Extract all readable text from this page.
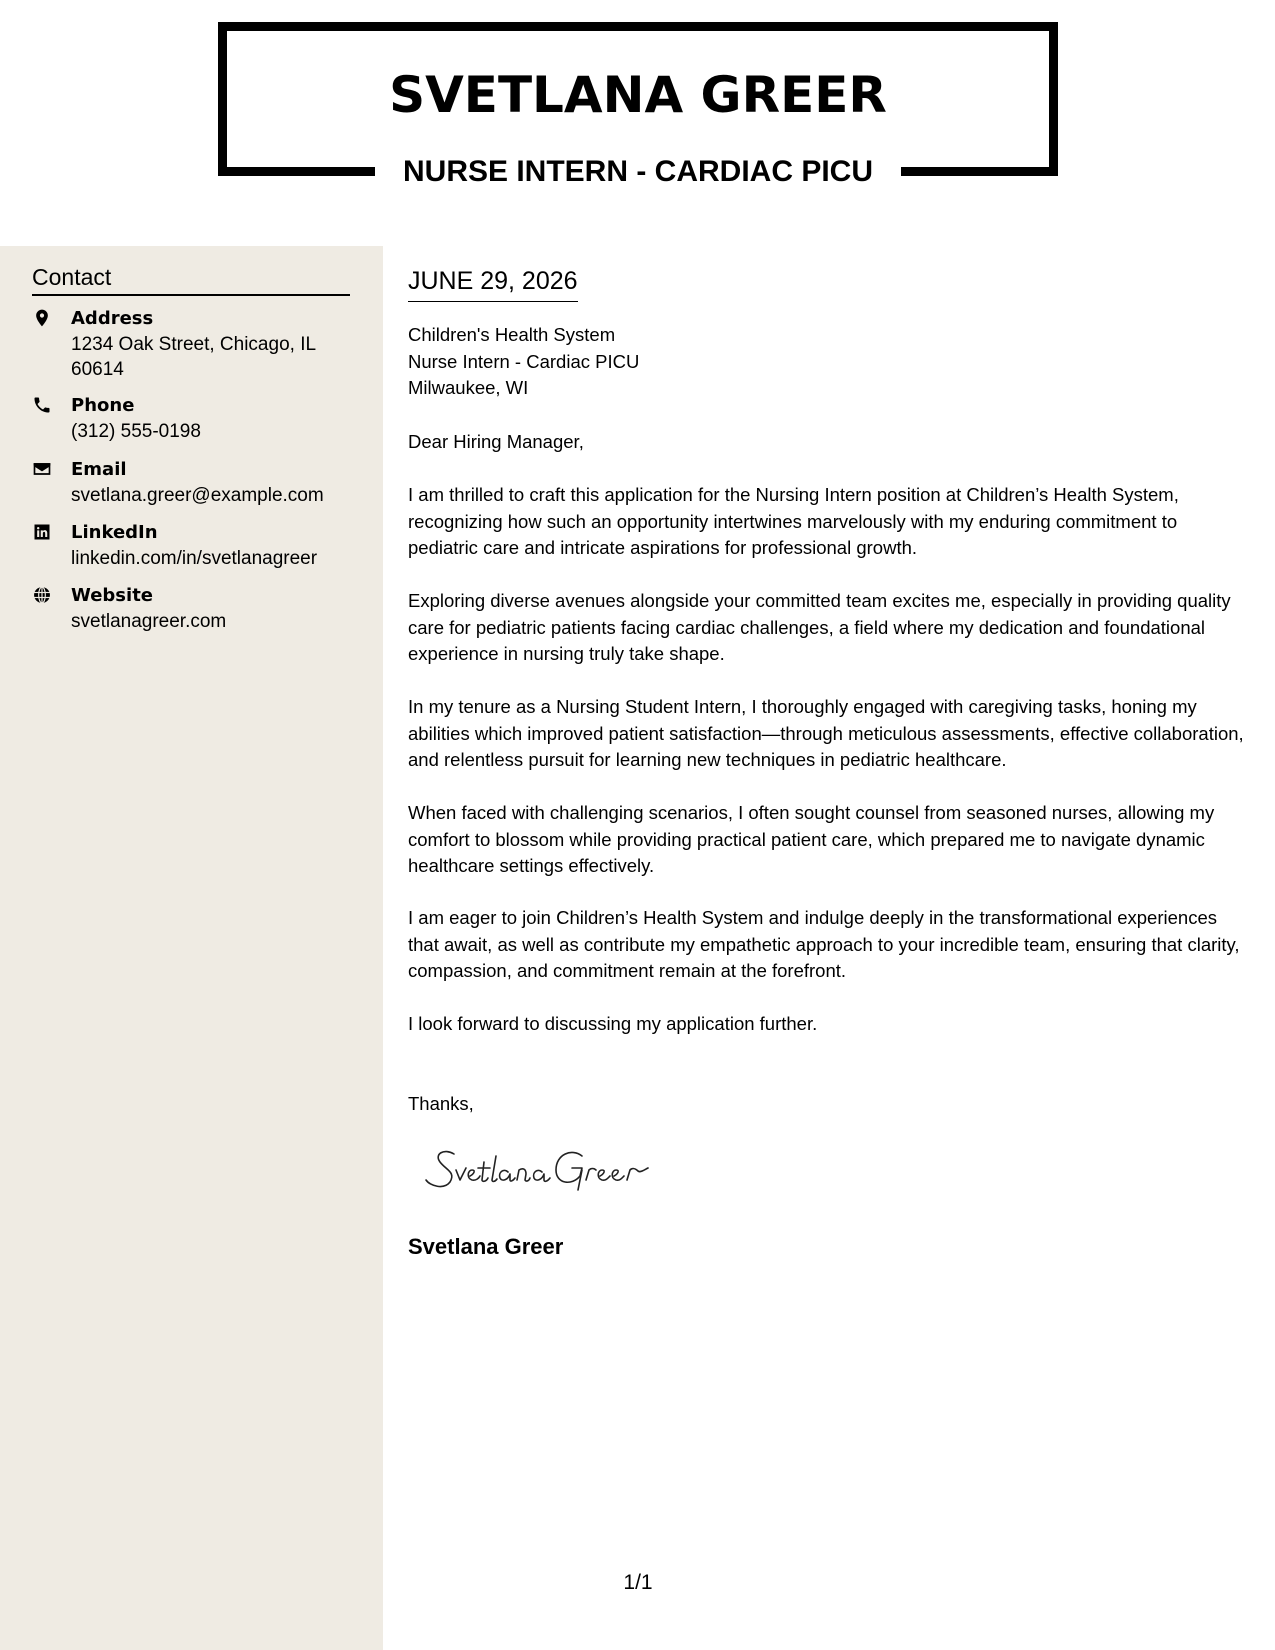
SVETLANA GREER
NURSE INTERN - CARDIAC PICU
Contact
Address
1234 Oak Street, Chicago, IL 60614
Phone
(312) 555-0198
Email
svetlana.greer@example.com
LinkedIn
linkedin.com/in/svetlanagreer
Website
svetlanagreer.com
JUNE 29, 2026
Children's Health System
Nurse Intern - Cardiac PICU
Milwaukee, WI
Dear Hiring Manager,
I am thrilled to craft this application for the Nursing Intern position at Children’s Health System, recognizing how such an opportunity intertwines marvelously with my enduring commitment to pediatric care and intricate aspirations for professional growth.
Exploring diverse avenues alongside your committed team excites me, especially in providing quality care for pediatric patients facing cardiac challenges, a field where my dedication and foundational experience in nursing truly take shape.
In my tenure as a Nursing Student Intern, I thoroughly engaged with caregiving tasks, honing my abilities which improved patient satisfaction—through meticulous assessments, effective collaboration, and relentless pursuit for learning new techniques in pediatric healthcare.
When faced with challenging scenarios, I often sought counsel from seasoned nurses, allowing my comfort to blossom while providing practical patient care, which prepared me to navigate dynamic healthcare settings effectively.
I am eager to join Children’s Health System and indulge deeply in the transformational experiences that await, as well as contribute my empathetic approach to your incredible team, ensuring that clarity, compassion, and commitment remain at the forefront.
I look forward to discussing my application further.
Thanks,
Svetlana Greer
1/1
